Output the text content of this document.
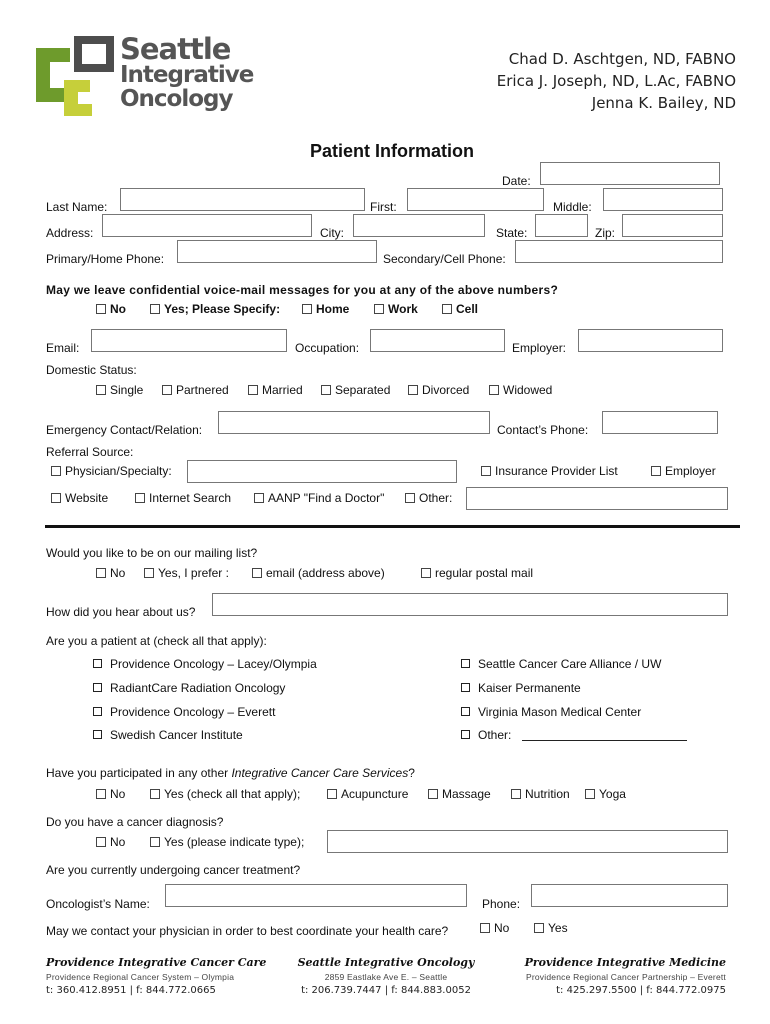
Seattle
Integrative
Oncology
Chad D. Aschtgen, ND, FABNO
Erica J. Joseph, ND, L.Ac, FABNO
Jenna K. Bailey, ND
Patient Information
Date:
Last Name:	First:	Middle:
Address:	City:	State:	Zip:
Primary/Home Phone:	Secondary/Cell Phone:
May we leave confidential voice-mail messages for you at any of the above numbers?
No	Yes; Please Specify:	Home	Work	Cell
Email:	Occupation:	Employer:
Domestic Status:
Single	Partnered	Married	Separated	Divorced	Widowed
Emergency Contact/Relation:	Contact’s Phone:
Referral Source:
Physician/Specialty:	Insurance Provider List	Employer
Website	Internet Search	AANP "Find a Doctor"	Other:
Would you like to be on our mailing list?
No	Yes, I prefer :	email (address above)	regular postal mail
How did you hear about us?
Are you a patient at (check all that apply):
Providence Oncology – Lacey/Olympia
RadiantCare Radiation Oncology
Providence Oncology – Everett
Swedish Cancer Institute
Seattle Cancer Care Alliance / UW
Kaiser Permanente
Virginia Mason Medical Center
Other:
Have you participated in any other Integrative Cancer Care Services?
No	Yes (check all that apply);	Acupuncture	Massage	Nutrition	Yoga
Do you have a cancer diagnosis?
No	Yes (please indicate type);
Are you currently undergoing cancer treatment?
Oncologist’s Name:	Phone:
May we contact your physician in order to best coordinate your health care?	No	Yes
Providence Integrative Cancer Care
Providence Regional Cancer System – Olympia
t: 360.412.8951 | f: 844.772.0665
Seattle Integrative Oncology
2859 Eastlake Ave E. – Seattle
t: 206.739.7447 | f: 844.883.0052
Providence Integrative Medicine
Providence Regional Cancer Partnership – Everett
t: 425.297.5500 | f: 844.772.0975
